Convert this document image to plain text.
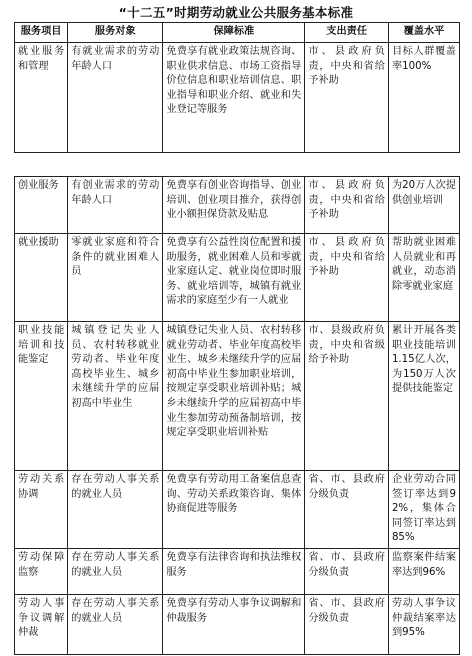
“十二五”时期劳动就业公共服务基本标准
服务项目	服务对象	保障标准	支出责任	覆盖水平
就业服务和管理	有就业需求的劳动年龄人口	免费享有就业政策法规咨询、职业供求信息、市场工资指导价位信息和职业培训信息、职业指导和职业介绍、就业和失业登记等服务	市、县政府负责，中央和省给予补助	目标人群覆盖率100%
创业服务	有创业需求的劳动年龄人口	免费享有创业咨询指导、创业培训、创业项目推介，获得创业小额担保贷款及贴息	市、县政府负责，中央和省给予补助	为20万人次提供创业培训
就业援助	零就业家庭和符合条件的就业困难人员	免费享有公益性岗位配置和援助服务，就业困难人员和零就业家庭认定、就业岗位即时服务、就业培训等，城镇有就业需求的家庭至少有一人就业	市、县政府负责，中央和省给予补助	帮助就业困难人员就业和再就业，动态消除零就业家庭
职业技能培训和技能鉴定	城镇登记失业人员、农村转移就业劳动者、毕业年度高校毕业生、城乡未继续升学的应届初高中毕业生	城镇登记失业人员、农村转移就业劳动者、毕业年度高校毕业生、城乡未继续升学的应届初高中毕业生参加职业培训，按规定享受职业培训补贴；城乡未继续升学的应届初高中毕业生参加劳动预备制培训，按规定享受职业培训补贴	市、县级政府负责，中央和省级给予补助	累计开展各类职业技能培训1.15亿人次，为150万人次提供技能鉴定
劳动关系协调	存在劳动人事关系的就业人员	免费享有劳动用工备案信息查询、劳动关系政策咨询、集体协商促进等服务	省、市、县政府分级负责	企业劳动合同签订率达到92%，集体合同签订率达到85%
劳动保障监察	存在劳动人事关系的就业人员	免费享有法律咨询和执法维权服务	省、市、县政府分级负责	监察案件结案率达到96%
劳动人事争议调解仲裁	存在劳动人事关系的就业人员	免费享有劳动人事争议调解和仲裁服务	省、市、县政府分级负责	劳动人事争议仲裁结案率达到95%
